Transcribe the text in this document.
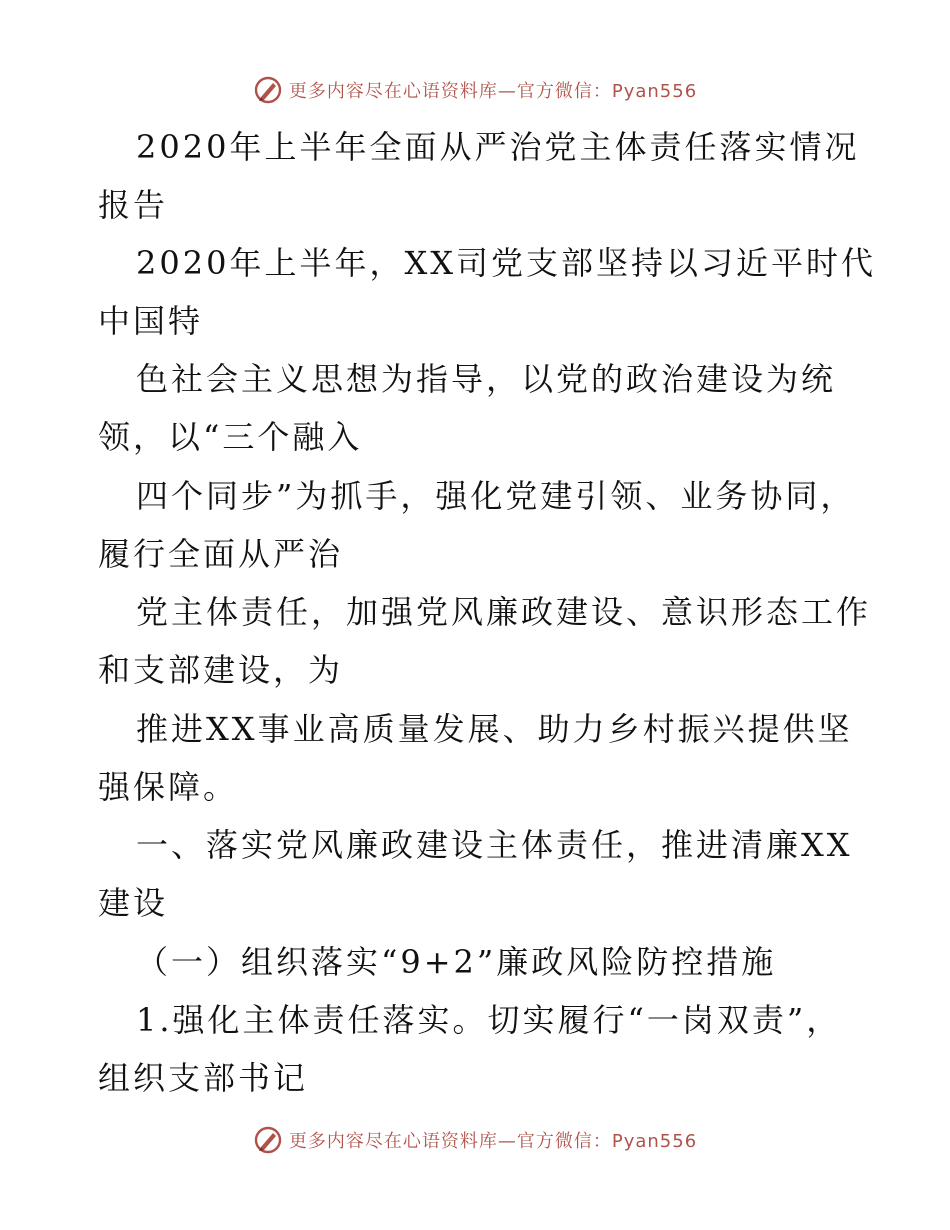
更多内容尽在心语资料库—官方微信：Pyan556
2020年上半年全面从严治党主体责任落实情况
报告
2020年上半年，XX司党支部坚持以习近平时代
中国特
色社会主义思想为指导，以党的政治建设为统
领，以“三个融入
四个同步”为抓手，强化党建引领、业务协同，
履行全面从严治
党主体责任，加强党风廉政建设、意识形态工作
和支部建设，为
推进XX事业高质量发展、助力乡村振兴提供坚
强保障。
一、落实党风廉政建设主体责任，推进清廉XX
建设
（一）组织落实“9+2”廉政风险防控措施
1.强化主体责任落实。切实履行“一岗双责”，
组织支部书记
更多内容尽在心语资料库—官方微信：Pyan556
